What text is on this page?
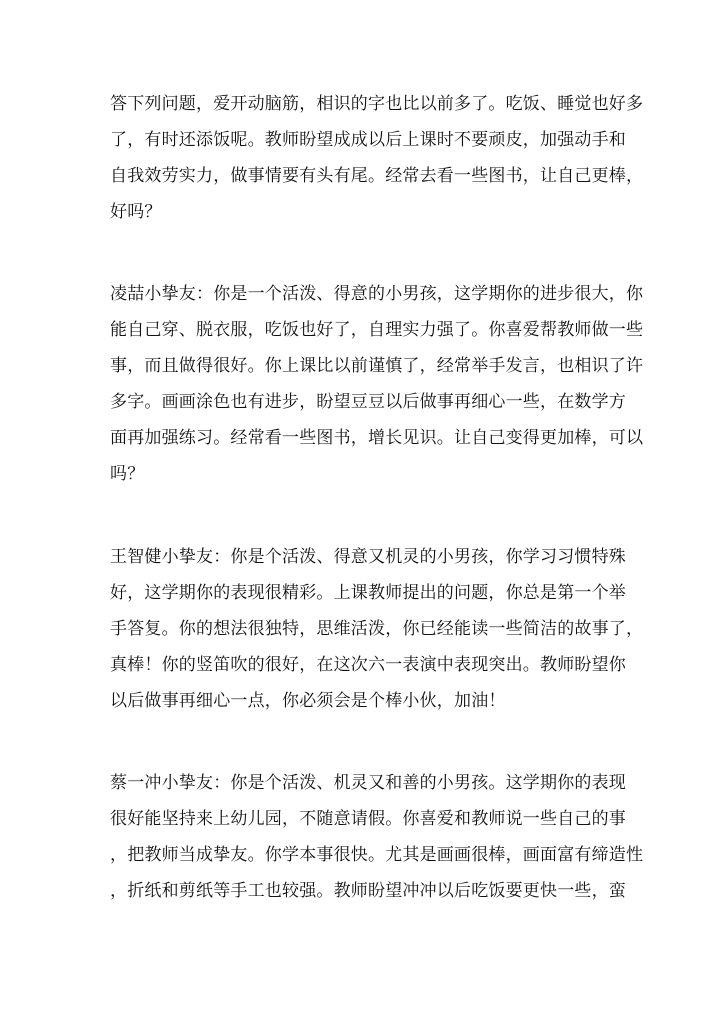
答下列问题，爱开动脑筋，相识的字也比以前多了。吃饭、睡觉也好多
了，有时还添饭呢。教师盼望成成以后上课时不要顽皮，加强动手和
自我效劳实力，做事情要有头有尾。经常去看一些图书，让自己更棒，
好吗？
凌喆小挚友：你是一个活泼、得意的小男孩，这学期你的进步很大，你
能自己穿、脱衣服，吃饭也好了，自理实力强了。你喜爱帮教师做一些
事，而且做得很好。你上课比以前谨慎了，经常举手发言，也相识了许
多字。画画涂色也有进步，盼望豆豆以后做事再细心一些，在数学方
面再加强练习。经常看一些图书，增长见识。让自己变得更加棒，可以
吗？
王智健小挚友：你是个活泼、得意又机灵的小男孩，你学习习惯特殊
好，这学期你的表现很精彩。上课教师提出的问题，你总是第一个举
手答复。你的想法很独特，思维活泼，你已经能读一些简洁的故事了，
真棒！你的竖笛吹的很好，在这次六一表演中表现突出。教师盼望你
以后做事再细心一点，你必须会是个棒小伙，加油！
蔡一冲小挚友：你是个活泼、机灵又和善的小男孩。这学期你的表现
很好能坚持来上幼儿园，不随意请假。你喜爱和教师说一些自己的事
，把教师当成挚友。你学本事很快。尤其是画画很棒，画面富有缔造性
，折纸和剪纸等手工也较强。教师盼望冲冲以后吃饭要更快一些，蛮
